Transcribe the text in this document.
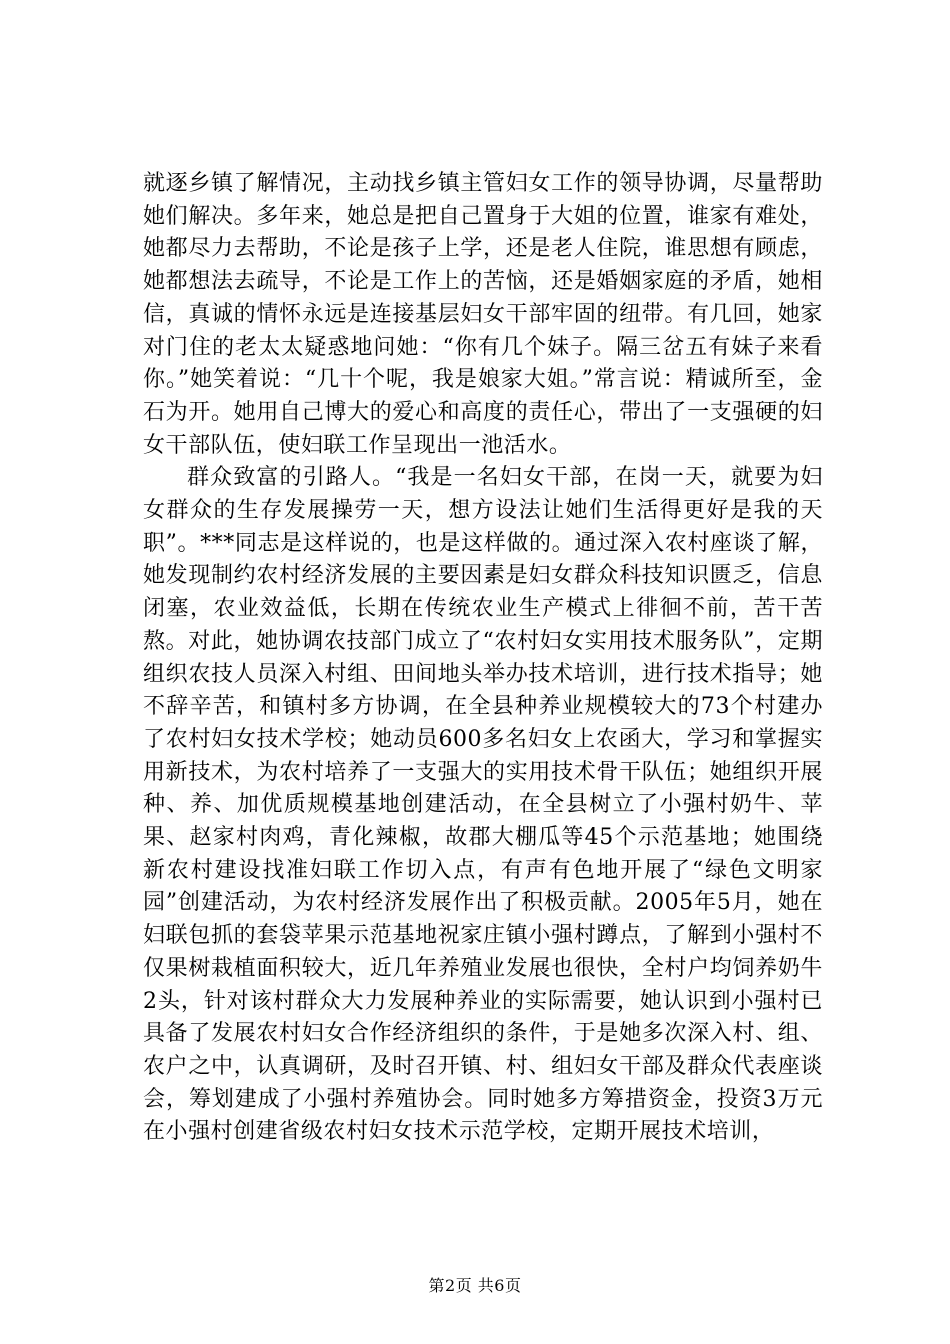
就逐乡镇了解情况，主动找乡镇主管妇女工作的领导协调，尽量帮助她们解决。多年来，她总是把自己置身于大姐的位置，谁家有难处，她都尽力去帮助，不论是孩子上学，还是老人住院，谁思想有顾虑，她都想法去疏导，不论是工作上的苦恼，还是婚姻家庭的矛盾，她相信，真诚的情怀永远是连接基层妇女干部牢固的纽带。有几回，她家对门住的老太太疑惑地问她：“你有几个妹子。隔三岔五有妹子来看你。”她笑着说：“几十个呢，我是娘家大姐。”常言说：精诚所至，金石为开。她用自己博大的爱心和高度的责任心，带出了一支强硬的妇女干部队伍，使妇联工作呈现出一池活水。

群众致富的引路人。“我是一名妇女干部，在岗一天，就要为妇女群众的生存发展操劳一天，想方设法让她们生活得更好是我的天职”。***同志是这样说的，也是这样做的。通过深入农村座谈了解，她发现制约农村经济发展的主要因素是妇女群众科技知识匮乏，信息闭塞，农业效益低，长期在传统农业生产模式上徘徊不前，苦干苦熬。对此，她协调农技部门成立了“农村妇女实用技术服务队”，定期组织农技人员深入村组、田间地头举办技术培训，进行技术指导；她不辞辛苦，和镇村多方协调，在全县种养业规模较大的73个村建办了农村妇女技术学校；她动员600多名妇女上农函大，学习和掌握实用新技术，为农村培养了一支强大的实用技术骨干队伍；她组织开展种、养、加优质规模基地创建活动，在全县树立了小强村奶牛、苹果、赵家村肉鸡，青化辣椒，故郡大棚瓜等45个示范基地；她围绕新农村建设找准妇联工作切入点，有声有色地开展了“绿色文明家园”创建活动，为农村经济发展作出了积极贡献。2005年5月，她在妇联包抓的套袋苹果示范基地祝家庄镇小强村蹲点，了解到小强村不仅果树栽植面积较大，近几年养殖业发展也很快，全村户均饲养奶牛2头，针对该村群众大力发展种养业的实际需要，她认识到小强村已具备了发展农村妇女合作经济组织的条件，于是她多次深入村、组、农户之中，认真调研，及时召开镇、村、组妇女干部及群众代表座谈会，筹划建成了小强村养殖协会。同时她多方筹措资金，投资3万元在小强村创建省级农村妇女技术示范学校，定期开展技术培训，

第2页 共6页
